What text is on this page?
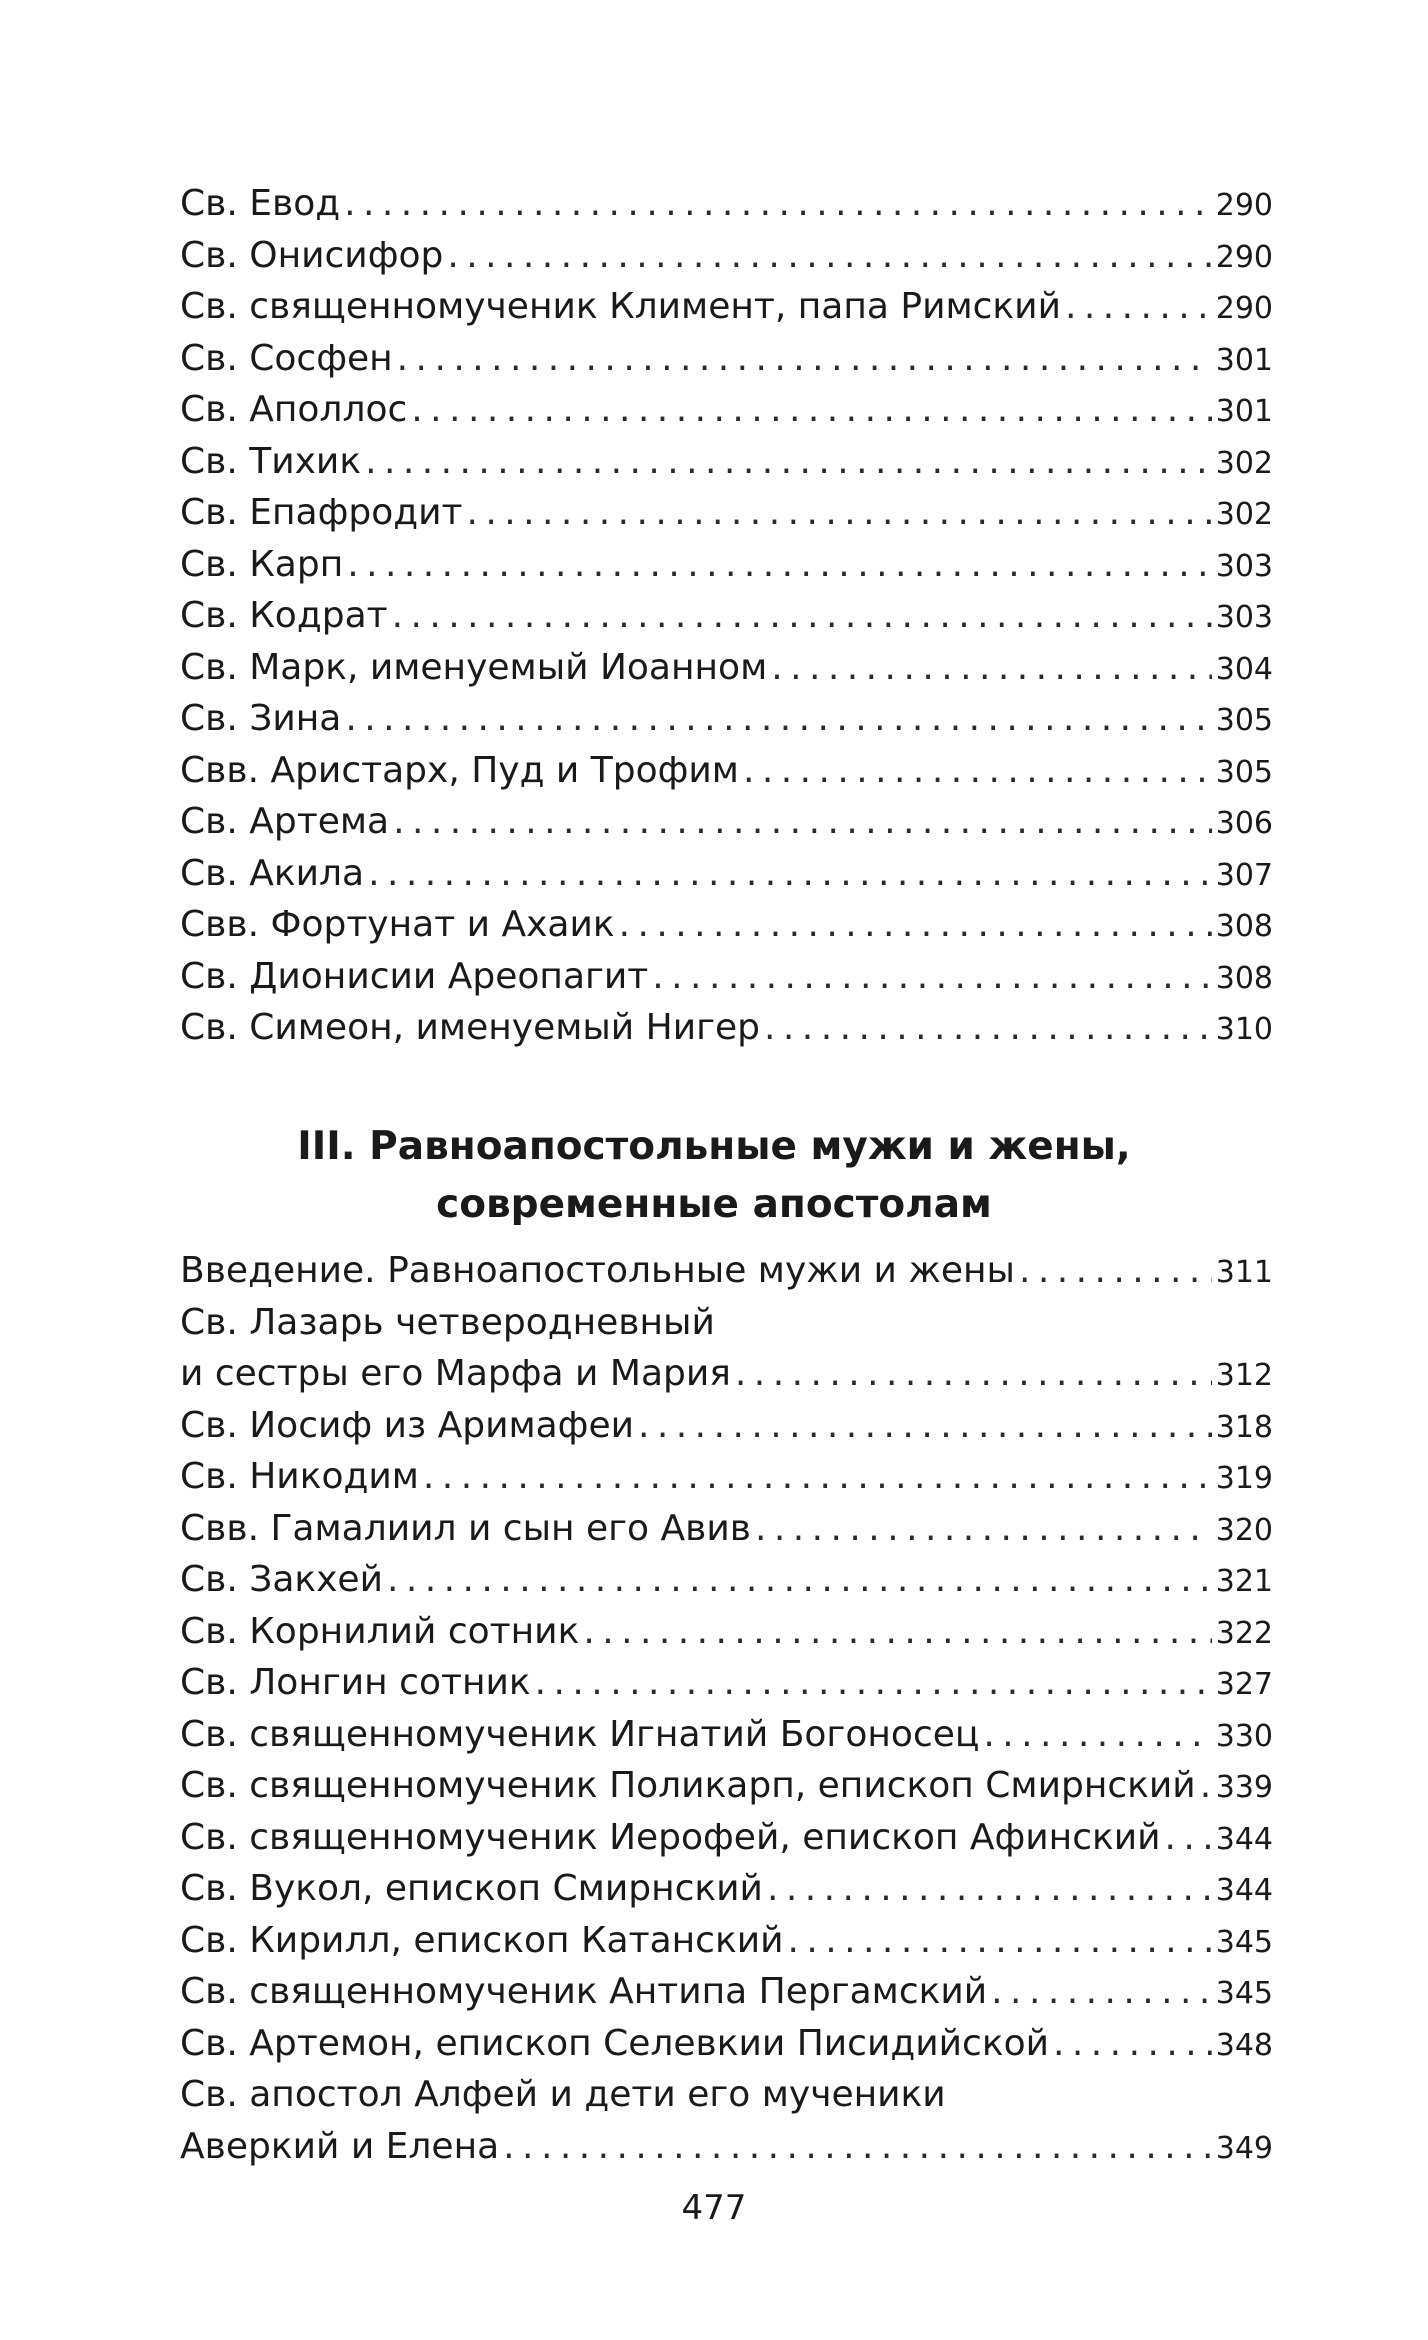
Св. Евод . . .	290
Св. Онисифор . . .	290
Св. священномученик Климент, папа Римский . . .	290
Св. Сосфен . . .	301
Св. Аполлос . . .	301
Св. Тихик . . .	302
Св. Епафродит . . .	302
Св. Карп . . .	303
Св. Кодрат . . .	303
Св. Марк, именуемый Иоанном . . .	304
Св. Зина . . .	305
Свв. Аристарх, Пуд и Трофим . . .	305
Св. Артема . . .	306
Св. Акила . . .	307
Свв. Фортунат и Ахаик . . .	308
Св. Дионисии Ареопагит . . .	308
Св. Симеон, именуемый Нигер . . .	310
III. Равноапостольные мужи и жены,
современные апостолам
Введение. Равноапостольные мужи и жены . . .	311
Св. Лазарь четверодневный
и сестры его Марфа и Мария . . .	312
Св. Иосиф из Аримафеи . . .	318
Св. Никодим . . .	319
Свв. Гамалиил и сын его Авив . . .	320
Св. Закхей . . .	321
Св. Корнилий сотник . . .	322
Св. Лонгин сотник . . .	327
Св. священномученик Игнатий Богоносец . . .	330
Св. священномученик Поликарп, епископ Смирнский . . . 339
Св. священномученик Иерофей, епископ Афинский . . . 344
Св. Вукол, епископ Смирнский . . .	344
Св. Кирилл, епископ Катанский . . .	345
Св. священномученик Антипа Пергамский . . .	345
Св. Артемон, епископ Селевкии Писидийской . . .	348
Св. апостол Алфей и дети его мученики
Аверкий и Елена . . .	349
477
